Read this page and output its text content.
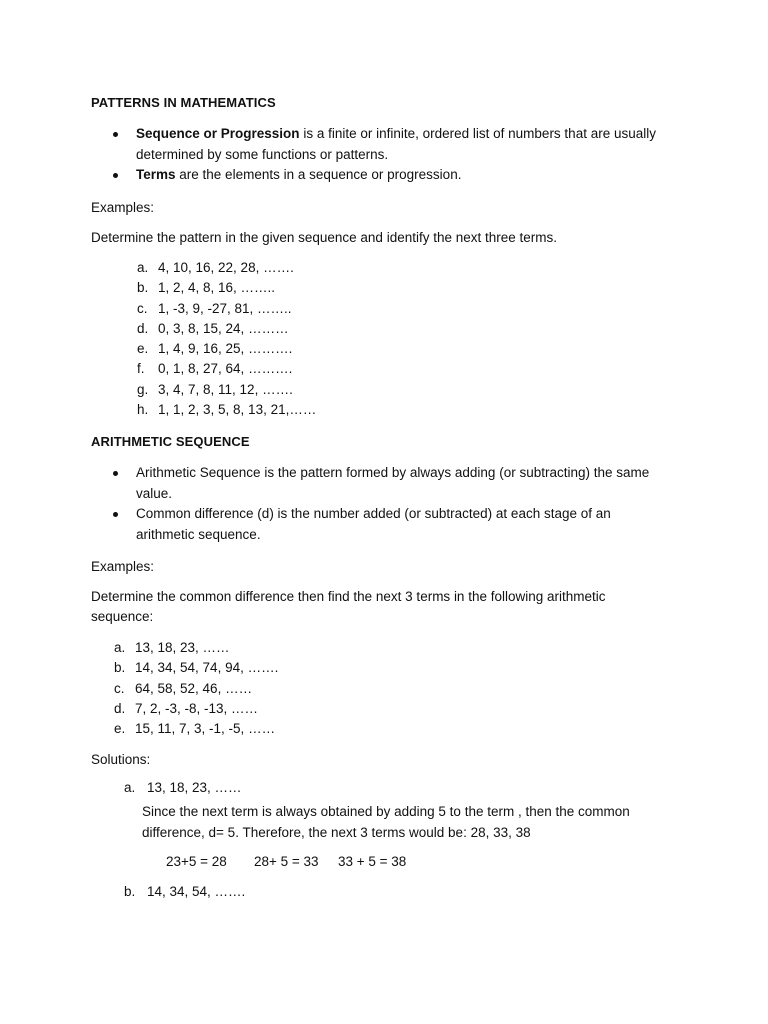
PATTERNS IN MATHEMATICS
Sequence or Progression is a finite or infinite, ordered list of numbers that are usually determined by some functions or patterns.
Terms are the elements in a sequence or progression.
Examples:
Determine the pattern in the given sequence and identify the next three terms.
a. 4, 10, 16, 22, 28, …….
b. 1, 2, 4, 8, 16, ……..
c. 1, -3, 9, -27, 81, ……..
d. 0, 3, 8, 15, 24, ………
e. 1, 4, 9, 16, 25, ……….
f. 0, 1, 8, 27, 64, ……….
g. 3, 4, 7, 8, 11, 12, …….
h. 1, 1, 2, 3, 5, 8, 13, 21,……
ARITHMETIC SEQUENCE
Arithmetic Sequence is the pattern formed by always adding (or subtracting) the same value.
Common difference (d) is the number added (or subtracted) at each stage of an arithmetic sequence.
Examples:
Determine the common difference then find the next 3 terms in the following arithmetic sequence:
a. 13, 18, 23, ……
b. 14, 34, 54, 74, 94, …….
c. 64, 58, 52, 46, ……
d. 7, 2, -3, -8, -13, ……
e. 15, 11, 7, 3, -1, -5, ……
Solutions:
a. 13, 18, 23, ……
Since the next term is always obtained by adding 5 to the term , then the common difference, d= 5. Therefore, the next 3 terms would be: 28, 33, 38
23+5 = 28 28+ 5 = 33 33 + 5 = 38
b. 14, 34, 54, …….
